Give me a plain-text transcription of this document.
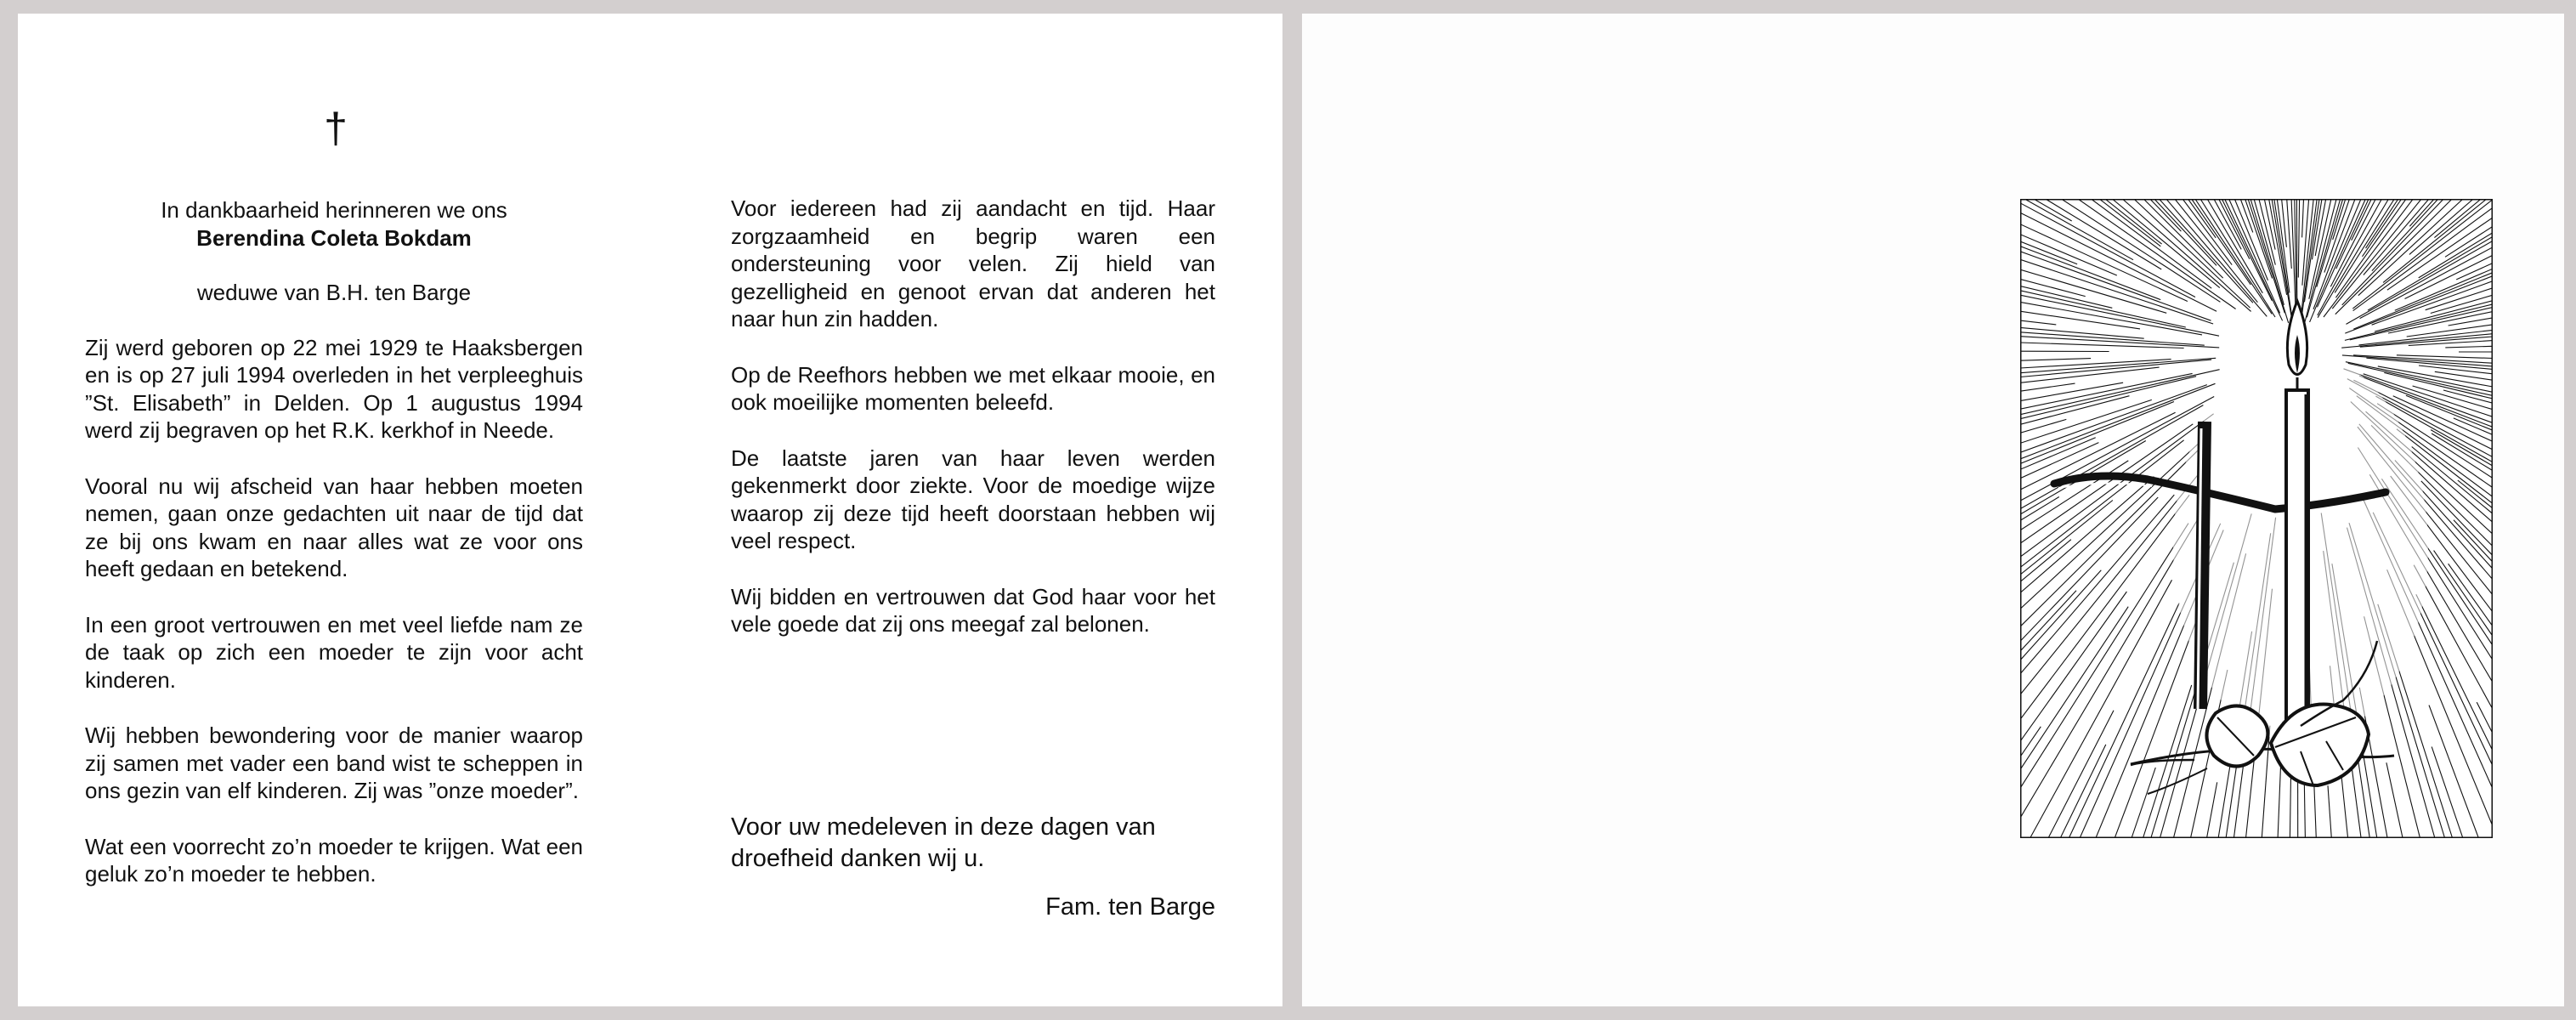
†

In dankbaarheid herinneren we ons

Berendina Coleta Bokdam

weduwe van B.H. ten Barge

Zij werd geboren op 22 mei 1929 te Haaksbergen en is op 27 juli 1994 overleden in het verpleeghuis ”St. Elisabeth” in Delden. Op 1 augustus 1994 werd zij begraven op het R.K. kerkhof in Neede.

Vooral nu wij afscheid van haar hebben moeten nemen, gaan onze gedachten uit naar de tijd dat ze bij ons kwam en naar alles wat ze voor ons heeft gedaan en betekend.

In een groot vertrouwen en met veel liefde nam ze de taak op zich een moeder te zijn voor acht kinderen.

Wij hebben bewondering voor de manier waarop zij samen met vader een band wist te scheppen in ons gezin van elf kinderen. Zij was ”onze moeder”.

Wat een voorrecht zo’n moeder te krijgen. Wat een geluk zo’n moeder te hebben.

Voor iedereen had zij aandacht en tijd. Haar zorgzaamheid en begrip waren een ondersteuning voor velen. Zij hield van gezelligheid en genoot ervan dat anderen het naar hun zin hadden.

Op de Reefhors hebben we met elkaar mooie, en ook moeilijke momenten beleefd.

De laatste jaren van haar leven werden gekenmerkt door ziekte. Voor de moedige wijze waarop zij deze tijd heeft doorstaan hebben wij veel respect.

Wij bidden en vertrouwen dat God haar voor het vele goede dat zij ons meegaf zal belonen.

Voor uw medeleven in deze dagen van droefheid danken wij u.

Fam. ten Barge
